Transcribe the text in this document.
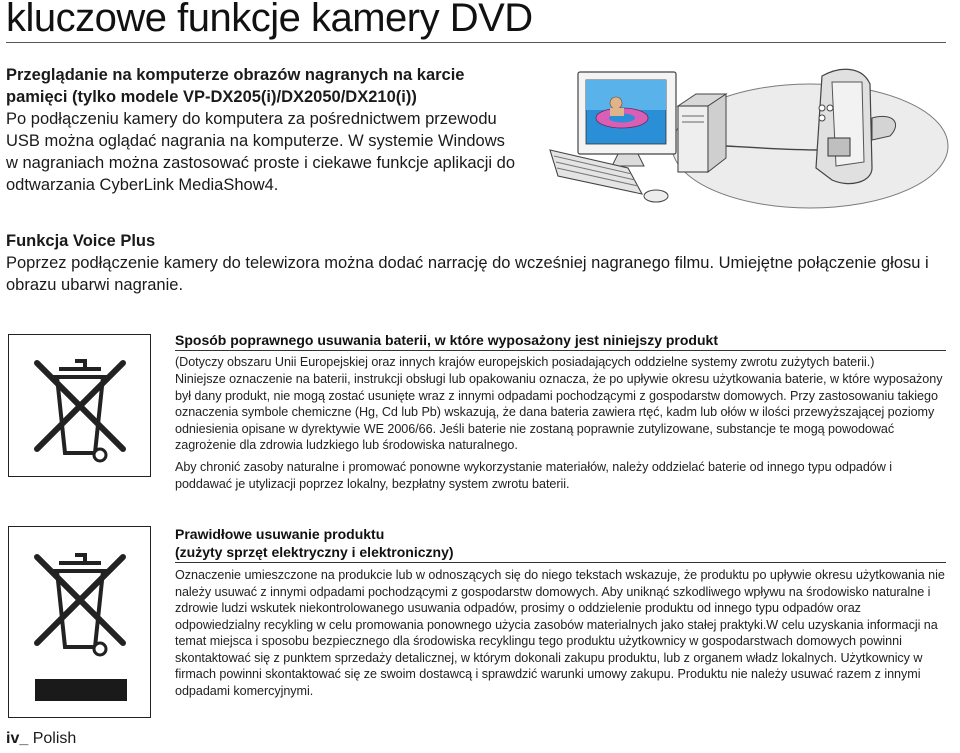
kluczowe funkcje kamery DVD
Przeglądanie na komputerze obrazów nagranych na karcie
pamięci (tylko modele VP-DX205(i)/DX2050/DX210(i))
Po podłączeniu kamery do komputera za pośrednictwem przewodu USB można oglądać nagrania na komputerze. W systemie Windows w nagraniach można zastosować proste i ciekawe funkcje aplikacji do odtwarzania CyberLink MediaShow4.
Funkcja Voice Plus
Poprzez podłączenie kamery do telewizora można dodać narrację do wcześniej nagranego filmu. Umiejętne połączenie głosu i obrazu ubarwi nagranie.
Sposób poprawnego usuwania baterii, w które wyposażony jest niniejszy produkt
(Dotyczy obszaru Unii Europejskiej oraz innych krajów europejskich posiadających oddzielne systemy zwrotu zużytych baterii.)
Niniejsze oznaczenie na baterii, instrukcji obsługi lub opakowaniu oznacza, że po upływie okresu użytkowania baterie, w które wyposażony był dany produkt, nie mogą zostać usunięte wraz z innymi odpadami pochodzącymi z gospodarstw domowych. Przy zastosowaniu takiego oznaczenia symbole chemiczne (Hg, Cd lub Pb) wskazują, że dana bateria zawiera rtęć, kadm lub ołów w ilości przewyższającej poziomy odniesienia opisane w dyrektywie WE 2006/66. Jeśli baterie nie zostaną poprawnie zutylizowane, substancje te mogą powodować zagrożenie dla zdrowia ludzkiego lub środowiska naturalnego.
Aby chronić zasoby naturalne i promować ponowne wykorzystanie materiałów, należy oddzielać baterie od innego typu odpadów i poddawać je utylizacji poprzez lokalny, bezpłatny system zwrotu baterii.
Prawidłowe usuwanie produktu
(zużyty sprzęt elektryczny i elektroniczny)
Oznaczenie umieszczone na produkcie lub w odnoszących się do niego tekstach wskazuje, że produktu po upływie okresu użytkowania nie należy usuwać z innymi odpadami pochodzącymi z gospodarstw domowych. Aby uniknąć szkodliwego wpływu na środowisko naturalne i zdrowie ludzi wskutek niekontrolowanego usuwania odpadów, prosimy o oddzielenie produktu od innego typu odpadów oraz odpowiedzialny recykling w celu promowania ponownego użycia zasobów materialnych jako stałej praktyki.W celu uzyskania informacji na temat miejsca i sposobu bezpiecznego dla środowiska recyklingu tego produktu użytkownicy w gospodarstwach domowych powinni skontaktować się z punktem sprzedaży detalicznej, w którym dokonali zakupu produktu, lub z organem władz lokalnych. Użytkownicy w firmach powinni skontaktować się ze swoim dostawcą i sprawdzić warunki umowy zakupu. Produktu nie należy usuwać razem z innymi odpadami komercyjnymi.
iv_ Polish
